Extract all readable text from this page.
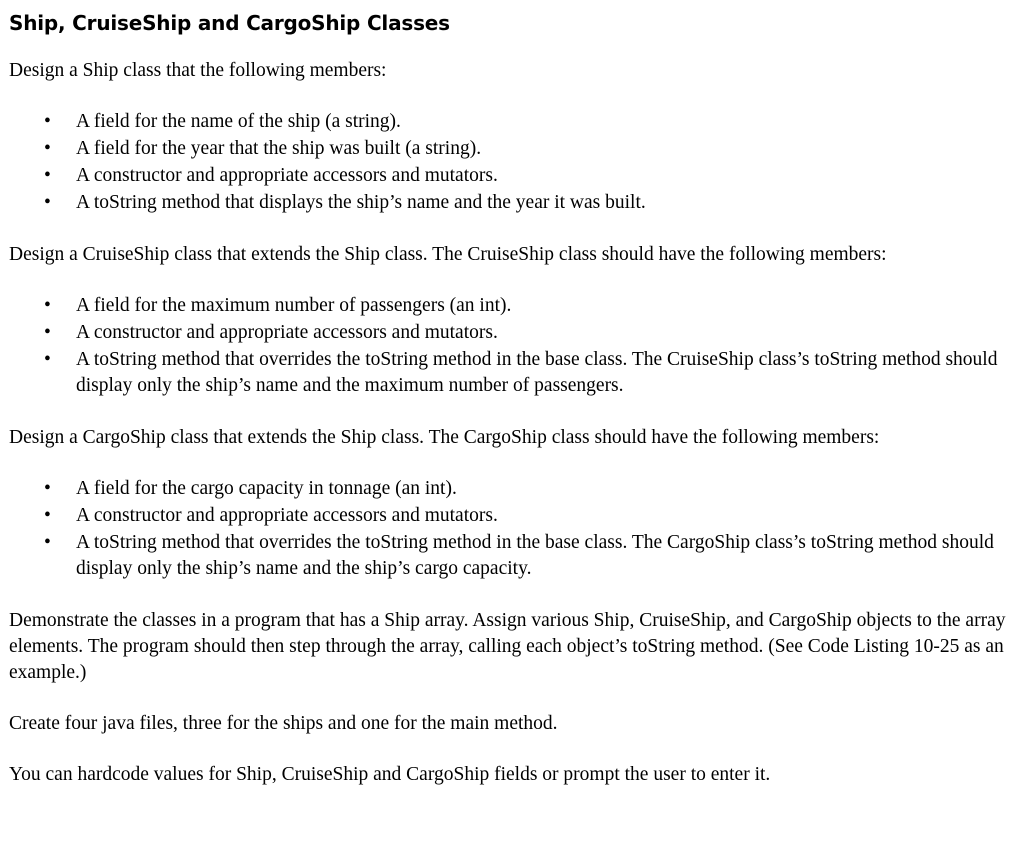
Ship, CruiseShip and CargoShip Classes

Design a Ship class that the following members:

• A field for the name of the ship (a string).
• A field for the year that the ship was built (a string).
• A constructor and appropriate accessors and mutators.
• A toString method that displays the ship’s name and the year it was built.

Design a CruiseShip class that extends the Ship class. The CruiseShip class should have the following members:

• A field for the maximum number of passengers (an int).
• A constructor and appropriate accessors and mutators.
• A toString method that overrides the toString method in the base class. The CruiseShip class’s toString method should display only the ship’s name and the maximum number of passengers.

Design a CargoShip class that extends the Ship class. The CargoShip class should have the following members:

• A field for the cargo capacity in tonnage (an int).
• A constructor and appropriate accessors and mutators.
• A toString method that overrides the toString method in the base class. The CargoShip class’s toString method should display only the ship’s name and the ship’s cargo capacity.

Demonstrate the classes in a program that has a Ship array. Assign various Ship, CruiseShip, and CargoShip objects to the array elements. The program should then step through the array, calling each object’s toString method. (See Code Listing 10-25 as an example.)

Create four java files, three for the ships and one for the main method.

You can hardcode values for Ship, CruiseShip and CargoShip fields or prompt the user to enter it.
